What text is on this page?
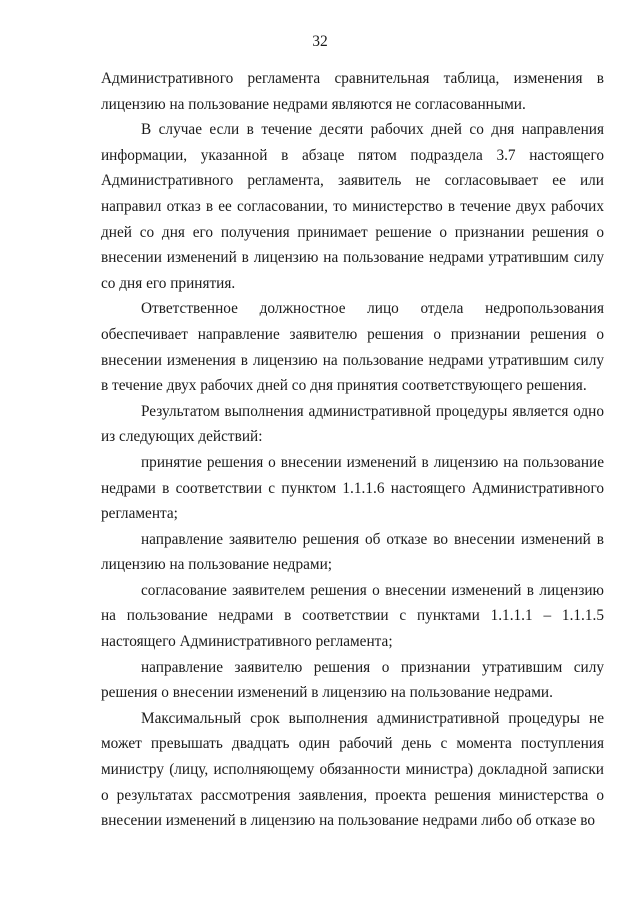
32

Административного регламента сравнительная таблица, изменения в лицензию на пользование недрами являются не согласованными.

В случае если в течение десяти рабочих дней со дня направления информации, указанной в абзаце пятом подраздела 3.7 настоящего Административного регламента, заявитель не согласовывает ее или направил отказ в ее согласовании, то министерство в течение двух рабочих дней со дня его получения принимает решение о признании решения о внесении изменений в лицензию на пользование недрами утратившим силу со дня его принятия.

Ответственное должностное лицо отдела недропользования обеспечивает направление заявителю решения о признании решения о внесении изменения в лицензию на пользование недрами утратившим силу в течение двух рабочих дней со дня принятия соответствующего решения.

Результатом выполнения административной процедуры является одно из следующих действий:

принятие решения о внесении изменений в лицензию на пользование недрами в соответствии с пунктом 1.1.1.6 настоящего Административного регламента;

направление заявителю решения об отказе во внесении изменений в лицензию на пользование недрами;

согласование заявителем решения о внесении изменений в лицензию на пользование недрами в соответствии с пунктами 1.1.1.1 – 1.1.1.5 настоящего Административного регламента;

направление заявителю решения о признании утратившим силу решения о внесении изменений в лицензию на пользование недрами.

Максимальный срок выполнения административной процедуры не может превышать двадцать один рабочий день с момента поступления министру (лицу, исполняющему обязанности министра) докладной записки о результатах рассмотрения заявления, проекта решения министерства о внесении изменений в лицензию на пользование недрами либо об отказе во
